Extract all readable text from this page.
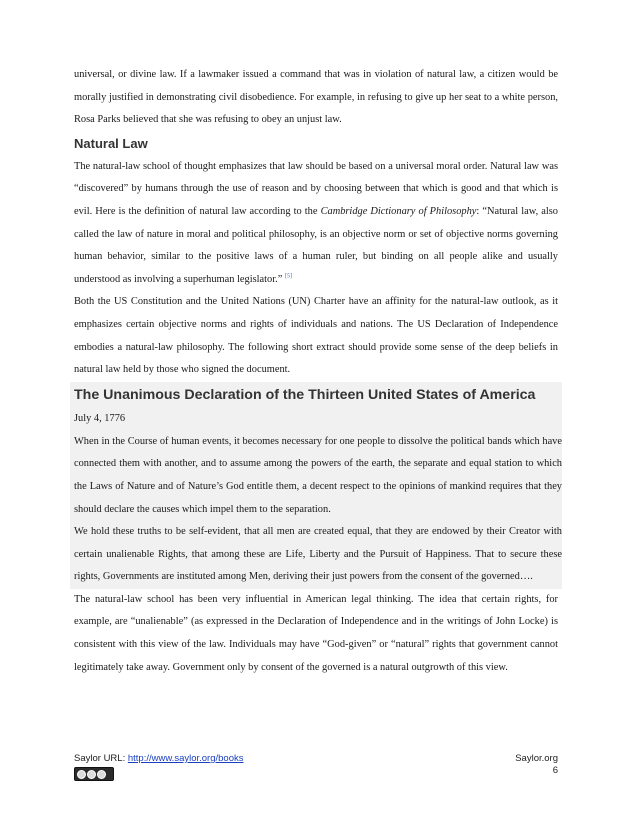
universal, or divine law. If a lawmaker issued a command that was in violation of natural law, a citizen would be morally justified in demonstrating civil disobedience. For example, in refusing to give up her seat to a white person, Rosa Parks believed that she was refusing to obey an unjust law.

Natural Law

The natural-law school of thought emphasizes that law should be based on a universal moral order. Natural law was “discovered” by humans through the use of reason and by choosing between that which is good and that which is evil. Here is the definition of natural law according to the Cambridge Dictionary of Philosophy: “Natural law, also called the law of nature in moral and political philosophy, is an objective norm or set of objective norms governing human behavior, similar to the positive laws of a human ruler, but binding on all people alike and usually understood as involving a superhuman legislator.” [5]

Both the US Constitution and the United Nations (UN) Charter have an affinity for the natural-law outlook, as it emphasizes certain objective norms and rights of individuals and nations. The US Declaration of Independence embodies a natural-law philosophy. The following short extract should provide some sense of the deep beliefs in natural law held by those who signed the document.

The Unanimous Declaration of the Thirteen United States of America

July 4, 1776

When in the Course of human events, it becomes necessary for one people to dissolve the political bands which have connected them with another, and to assume among the powers of the earth, the separate and equal station to which the Laws of Nature and of Nature’s God entitle them, a decent respect to the opinions of mankind requires that they should declare the causes which impel them to the separation.

We hold these truths to be self-evident, that all men are created equal, that they are endowed by their Creator with certain unalienable Rights, that among these are Life, Liberty and the Pursuit of Happiness. That to secure these rights, Governments are instituted among Men, deriving their just powers from the consent of the governed….

The natural-law school has been very influential in American legal thinking. The idea that certain rights, for example, are “unalienable” (as expressed in the Declaration of Independence and in the writings of John Locke) is consistent with this view of the law. Individuals may have “God-given” or “natural” rights that government cannot legitimately take away. Government only by consent of the governed is a natural outgrowth of this view.

Saylor URL: http://www.saylor.org/books	Saylor.org
6
